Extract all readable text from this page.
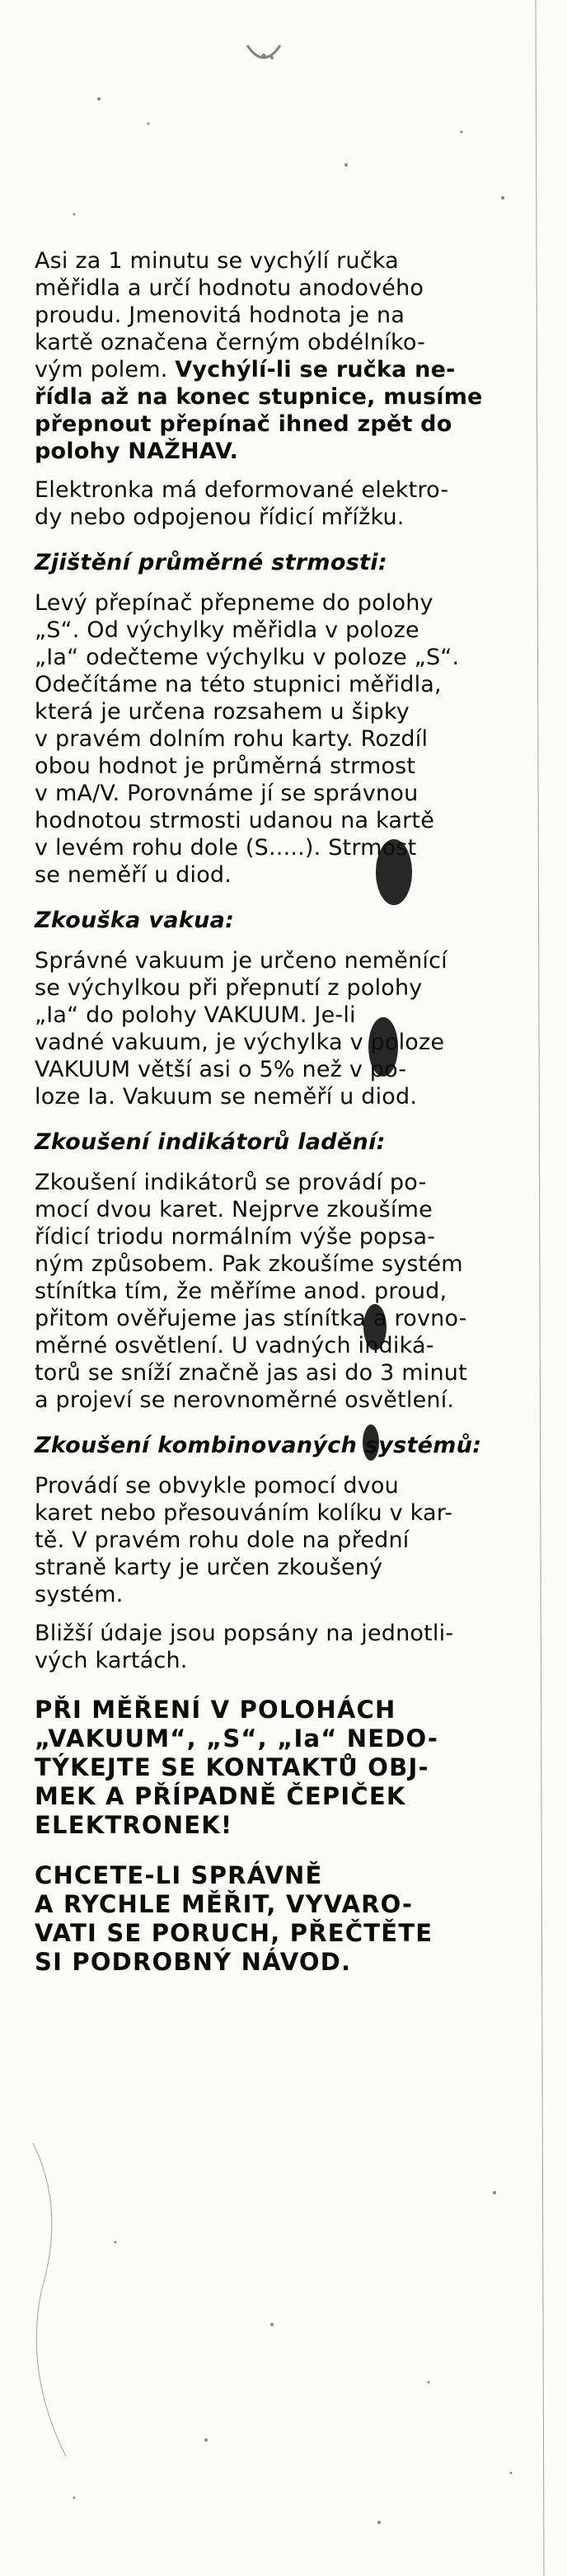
Asi za 1 minutu se vychýlí ručka
měřidla a určí hodnotu anodového
proudu. Jmenovitá hodnota je na
kartě označena černým obdélníko-
vým polem. Vychýlí-li se ručka ne-
řídla až na konec stupnice, musíme
přepnout přepínač ihned zpět do
polohy NAŽHAV.

Elektronka má deformované elektro-
dy nebo odpojenou řídicí mřížku.

Zjištění průměrné strmosti:

Levý přepínač přepneme do polohy
„S“. Od výchylky měřidla v poloze
„Ia“ odečteme výchylku v poloze „S“.
Odečítáme na této stupnici měřidla,
která je určena rozsahem u šipky
v pravém dolním rohu karty. Rozdíl
obou hodnot je průměrná strmost
v mA/V. Porovnáme jí se správnou
hodnotou strmosti udanou na kartě
v levém rohu dole (S.....). Strmost
se neměří u diod.

Zkouška vakua:

Správné vakuum je určeno neměnící
se výchylkou při přepnutí z polohy
„Ia“ do polohy VAKUUM. Je-li
vadné vakuum, je výchylka v poloze
VAKUUM větší asi o 5% než v po-
loze Ia. Vakuum se neměří u diod.

Zkoušení indikátorů ladění:

Zkoušení indikátorů se provádí po-
mocí dvou karet. Nejprve zkoušíme
řídicí triodu normálním výše popsa-
ným způsobem. Pak zkoušíme systém
stínítka tím, že měříme anod. proud,
přitom ověřujeme jas stínítka a rovno-
měrné osvětlení. U vadných indiká-
torů se sníží značně jas asi do 3 minut
a projeví se nerovnoměrné osvětlení.

Zkoušení kombinovaných systémů:

Provádí se obvykle pomocí dvou
karet nebo přesouváním kolíku v kar-
tě. V pravém rohu dole na přední
straně karty je určen zkoušený
systém.

Bližší údaje jsou popsány na jednotli-
vých kartách.

PŘI MĚŘENÍ V POLOHÁCH
„VAKUUM“, „S“, „Ia“ NEDO-
TÝKEJTE SE KONTAKTŮ OBJ-
MEK A PŘÍPADNĚ ČEPIČEK
ELEKTRONEK!
CHCETE-LI SPRÁVNĚ
A RYCHLE MĚŘIT, VYVARO-
VATI SE PORUCH, PŘEČTĚTE
SI PODROBNÝ NÁVOD.
